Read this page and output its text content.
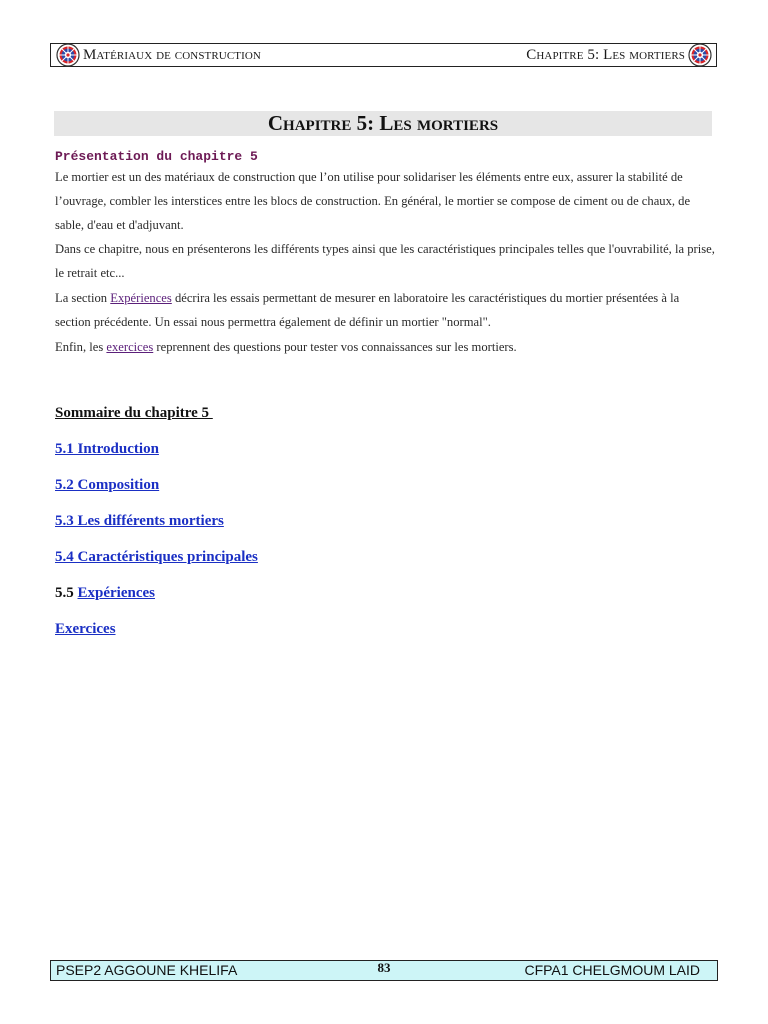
Matériaux de construction	Chapitre 5: Les mortiers
Chapitre 5: Les mortiers
Présentation du chapitre 5

Le mortier est un des matériaux de construction que l’on utilise pour solidariser les éléments entre eux, assurer la stabilité de l’ouvrage, combler les interstices entre les blocs de construction. En général, le mortier se compose de ciment ou de chaux, de sable, d'eau et d'adjuvant.

Dans ce chapitre, nous en présenterons les différents types ainsi que les caractéristiques principales telles que l'ouvrabilité, la prise, le retrait etc...

La section Expériences décrira les essais permettant de mesurer en laboratoire les caractéristiques du mortier présentées à la section précédente. Un essai nous permettra également de définir un mortier "normal".

Enfin, les exercices reprennent des questions pour tester vos connaissances sur les mortiers.

Sommaire du chapitre 5
5.1 Introduction
5.2 Composition
5.3 Les différents mortiers
5.4 Caractéristiques principales
5.5 Expériences
Exercices
PSEP2 AGGOUNE KHELIFA	83	CFPA1 CHELGMOUM LAID
